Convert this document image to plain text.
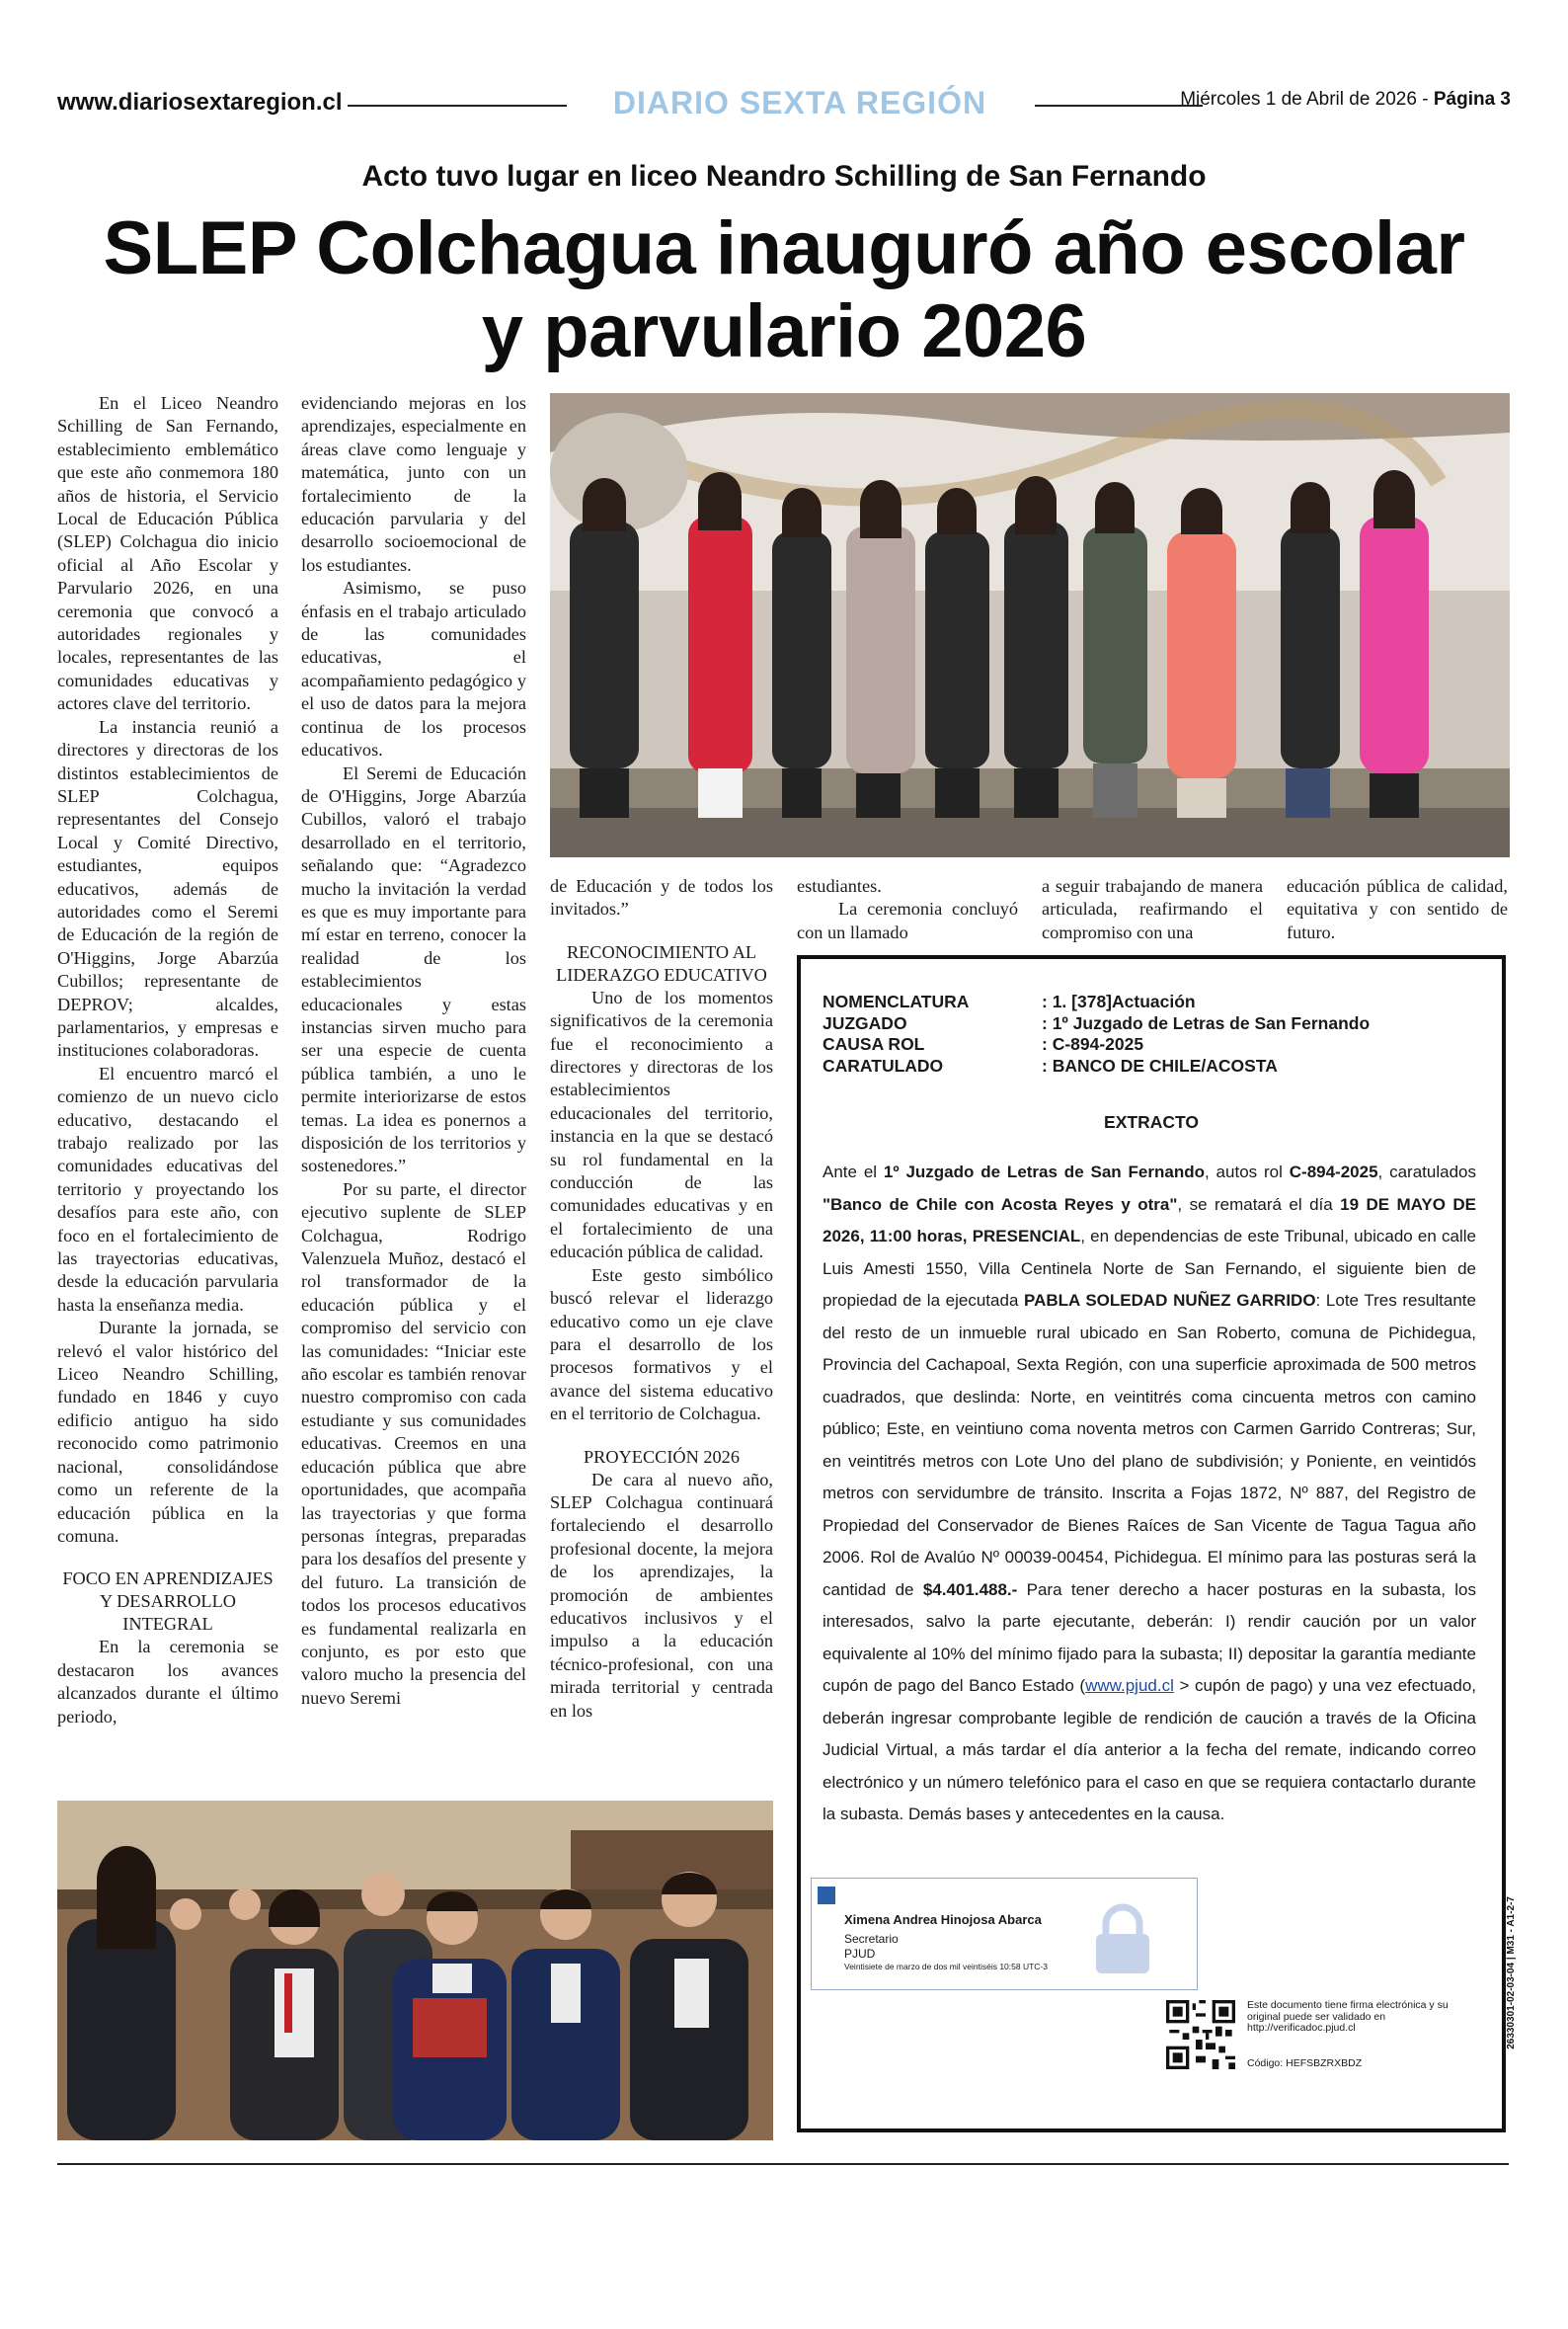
www.diariosextaregion.cl	DIARIO SEXTA REGIÓN	Miércoles 1 de Abril de 2026 - Página 3
Acto tuvo lugar en liceo Neandro Schilling de San Fernando
SLEP Colchagua inauguró año escolar
y parvulario 2026

En el Liceo Neandro Schilling de San Fernando, establecimiento emblemático que este año conmemora 180 años de historia, el Servicio Local de Educación Pública (SLEP) Colchagua dio inicio oficial al Año Escolar y Parvulario 2026, en una ceremonia que convocó a autoridades regionales y locales, representantes de las comunidades educativas y actores clave del territorio.

La instancia reunió a directores y directoras de los distintos establecimientos de SLEP Colchagua, representantes del Consejo Local y Comité Directivo, estudiantes, equipos educativos, además de autoridades como el Seremi de Educación de la región de O'Higgins, Jorge Abarzúa Cubillos; representante de DEPROV; alcaldes, parlamentarios, y empresas e instituciones colaboradoras.

El encuentro marcó el comienzo de un nuevo ciclo educativo, destacando el trabajo realizado por las comunidades educativas del territorio y proyectando los desafíos para este año, con foco en el fortalecimiento de las trayectorias educativas, desde la educación parvularia hasta la enseñanza media.

Durante la jornada, se relevó el valor histórico del Liceo Neandro Schilling, fundado en 1846 y cuyo edificio antiguo ha sido reconocido como patrimonio nacional, consolidándose como un referente de la educación pública en la comuna.

FOCO EN APRENDIZAJES Y DESARROLLO INTEGRAL

En la ceremonia se destacaron los avances alcanzados durante el último periodo,

evidenciando mejoras en los aprendizajes, especialmente en áreas clave como lenguaje y matemática, junto con un fortalecimiento de la educación parvularia y del desarrollo socioemocional de los estudiantes.

Asimismo, se puso énfasis en el trabajo articulado de las comunidades educativas, el acompañamiento pedagógico y el uso de datos para la mejora continua de los procesos educativos.

El Seremi de Educación de O'Higgins, Jorge Abarzúa Cubillos, valoró el trabajo desarrollado en el territorio, señalando que: “Agradezco mucho la invitación la verdad es que es muy importante para mí estar en terreno, conocer la realidad de los establecimientos educacionales y estas instancias sirven mucho para ser una especie de cuenta pública también, a uno le permite interiorizarse de estos temas. La idea es ponernos a disposición de los territorios y sostenedores.”

Por su parte, el director ejecutivo suplente de SLEP Colchagua, Rodrigo Valenzuela Muñoz, destacó el rol transformador de la educación pública y el compromiso del servicio con las comunidades: “Iniciar este año escolar es también renovar nuestro compromiso con cada estudiante y sus comunidades educativas. Creemos en una educación pública que abre oportunidades, que acompaña las trayectorias y que forma personas íntegras, preparadas para los desafíos del presente y del futuro. La transición de todos los procesos educativos es fundamental realizarla en conjunto, es por esto que valoro mucho la presencia del nuevo Seremi

de Educación y de todos los invitados.”

RECONOCIMIENTO AL LIDERAZGO EDUCATIVO

Uno de los momentos significativos de la ceremonia fue el reconocimiento a directores y directoras de los establecimientos educacionales del territorio, instancia en la que se destacó su rol fundamental en la conducción de las comunidades educativas y en el fortalecimiento de una educación pública de calidad.

Este gesto simbólico buscó relevar el liderazgo educativo como un eje clave para el desarrollo de los procesos formativos y el avance del sistema educativo en el territorio de Colchagua.

PROYECCIÓN 2026

De cara al nuevo año, SLEP Colchagua continuará fortaleciendo el desarrollo profesional docente, la mejora de los aprendizajes, la promoción de ambientes educativos inclusivos y el impulso a la educación técnico-profesional, con una mirada territorial y centrada en los

estudiantes.

La ceremonia concluyó con un llamado

a seguir trabajando de manera articulada, reafirmando el compromiso con una

educación pública de calidad, equitativa y con sentido de futuro.

NOMENCLATURA	: 1. [378]Actuación
JUZGADO	: 1º Juzgado de Letras de San Fernando
CAUSA ROL	: C-894-2025
CARATULADO	: BANCO DE CHILE/ACOSTA
EXTRACTO
Ante el 1º Juzgado de Letras de San Fernando, autos rol C-894-2025, caratulados "Banco de Chile con Acosta Reyes y otra", se rematará el día 19 DE MAYO DE 2026, 11:00 horas, PRESENCIAL, en dependencias de este Tribunal, ubicado en calle Luis Amesti 1550, Villa Centinela Norte de San Fernando, el siguiente bien de propiedad de la ejecutada PABLA SOLEDAD NUÑEZ GARRIDO: Lote Tres resultante del resto de un inmueble rural ubicado en San Roberto, comuna de Pichidegua, Provincia del Cachapoal, Sexta Región, con una superficie aproximada de 500 metros cuadrados, que deslinda: Norte, en veintitrés coma cincuenta metros con camino público; Este, en veintiuno coma noventa metros con Carmen Garrido Contreras; Sur, en veintitrés metros con Lote Uno del plano de subdivisión; y Poniente, en veintidós metros con servidumbre de tránsito. Inscrita a Fojas 1872, Nº 887, del Registro de Propiedad del Conservador de Bienes Raíces de San Vicente de Tagua Tagua año 2006. Rol de Avalúo Nº 00039-00454, Pichidegua. El mínimo para las posturas será la cantidad de $4.401.488.- Para tener derecho a hacer posturas en la subasta, los interesados, salvo la parte ejecutante, deberán: I) rendir caución por un valor equivalente al 10% del mínimo fijado para la subasta; II) depositar la garantía mediante cupón de pago del Banco Estado (www.pjud.cl > cupón de pago) y una vez efectuado, deberán ingresar comprobante legible de rendición de caución a través de la Oficina Judicial Virtual, a más tardar el día anterior a la fecha del remate, indicando correo electrónico y un número telefónico para el caso en que se requiera contactarlo durante la subasta. Demás bases y antecedentes en la causa.
Ximena Andrea Hinojosa Abarca
Secretario
PJUD
Veintisiete de marzo de dos mil veintiséis 10:58 UTC-3
Este documento tiene firma electrónica y su original puede ser validado en http://verificadoc.pjud.cl
Código: HEFSBZRXBDZ
26330301-02-03-04 | M31 - A1-2-7
